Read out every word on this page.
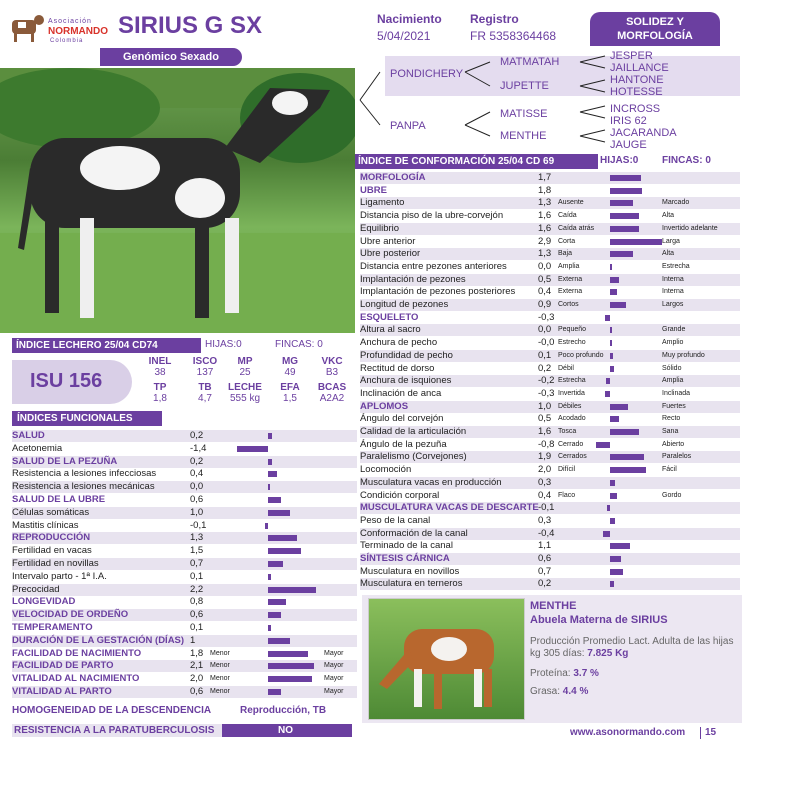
Asociación
NORMANDO
Colombia
SIRIUS G SX
Genómico Sexado
Nacimiento
5/04/2021
Registro
FR 5358364468
SOLIDEZ Y MORFOLOGÍA
PONDICHERY
PANPA
MATMATAH
JUPETTE
MATISSE
MENTHE
JESPER
JAILLANCE
HANTONE
HOTESSE
INCROSS
IRIS 62
JACARANDA
JAUGE
ÍNDICE DE CONFORMACIÓN 25/04 CD 69	HIJAS:0 FINCAS: 0
MORFOLOGÍA	1,7
UBRE	1,8
Ligamento	1,3 Ausente	Marcado
Distancia piso de la ubre-corvejón	1,6 Caída	Alta
Equilibrio	1,6 Caída atrás	Invertido adelante
Ubre anterior	2,9 Corta	Larga
Ubre posterior	1,3 Baja	Alta
Distancia entre pezones anteriores	0,0 Amplia	Estrecha
Implantación de pezones	0,5 Externa	Interna
Implantación de pezones posteriores 0,4 Externa	Interna
Longitud de pezones	0,9 Cortos	Largos
ESQUELETO	-0,3
Altura al sacro	0,0 Pequeño	Grande
Anchura de pecho	-0,0 Estrecho	Amplio
Profundidad de pecho	0,1 Poco profundo	Muy profundo
Rectitud de dorso	0,2 Débil	Sólido
Anchura de isquiones	-0,2 Estrecha	Amplia
Inclinación de anca	-0,3 Invertida	Inclinada
APLOMOS	1,0 Débiles	Fuertes
Ángulo del corvejón	0,5 Acodado	Recto
Calidad de la articulación	1,6 Tosca	Sana
Ángulo de la pezuña	-0,8 Cerrado	Abierto
Paralelismo (Corvejones)	1,9 Cerrados	Paralelos
Locomoción	2,0 Difícil	Fácil
Musculatura vacas en producción	0,3
Condición corporal	0,4 Flaco	Gordo
MUSCULATURA VACAS DE DESCARTE -0,1
Peso de la canal	0,3
Conformación de la canal	-0,4
Terminado de la canal	1,1
SÍNTESIS CÁRNICA	0,6
Musculatura en novillos	0,7
Musculatura en terneros	0,2
ÍNDICE LECHERO 25/04 CD74	HIJAS:0	FINCAS: 0
ISU 156
INEL
38
ISCO
137
MP
25
MG
49
VKC
B3
TP
1,8
TB
4,7
LECHE
555 kg
EFA
1,5
BCAS
A2A2
ÍNDICES FUNCIONALES
SALUD	0,2
Acetonemia	-1,4
SALUD DE LA PEZUÑA	0,2
Resistencia a lesiones infecciosas	0,4
Resistencia a lesiones mecánicas	0,0
SALUD DE LA UBRE	0,6
Células somáticas	1,0
Mastitis clínicas	-0,1
REPRODUCCIÓN	1,3
Fertilidad en vacas	1,5
Fertilidad en novillas	0,7
Intervalo parto - 1ª I.A.	0,1
Precocidad	2,2
LONGEVIDAD	0,8
VELOCIDAD DE ORDEÑO	0,6
TEMPERAMENTO	0,1
DURACIÓN DE LA GESTACIÓN (DÍAS) 1
FACILIDAD DE NACIMIENTO	1,8 Menor	Mayor
FACILIDAD DE PARTO	2,1 Menor	Mayor
VITALIDAD AL NACIMIENTO	2,0 Menor	Mayor
VITALIDAD AL PARTO	0,6 Menor	Mayor
HOMOGENEIDAD DE LA DESCENDENCIA	Reproducción, TB
RESISTENCIA A LA PARATUBERCULOSIS	NO
MENTHE
Abuela Materna de SIRIUS
Producción Promedio Lact. Adulta de las hijas kg 305 días: 7.825 Kg
Proteína: 3.7 %
Grasa: 4.4 %
www.asonormando.com 15
